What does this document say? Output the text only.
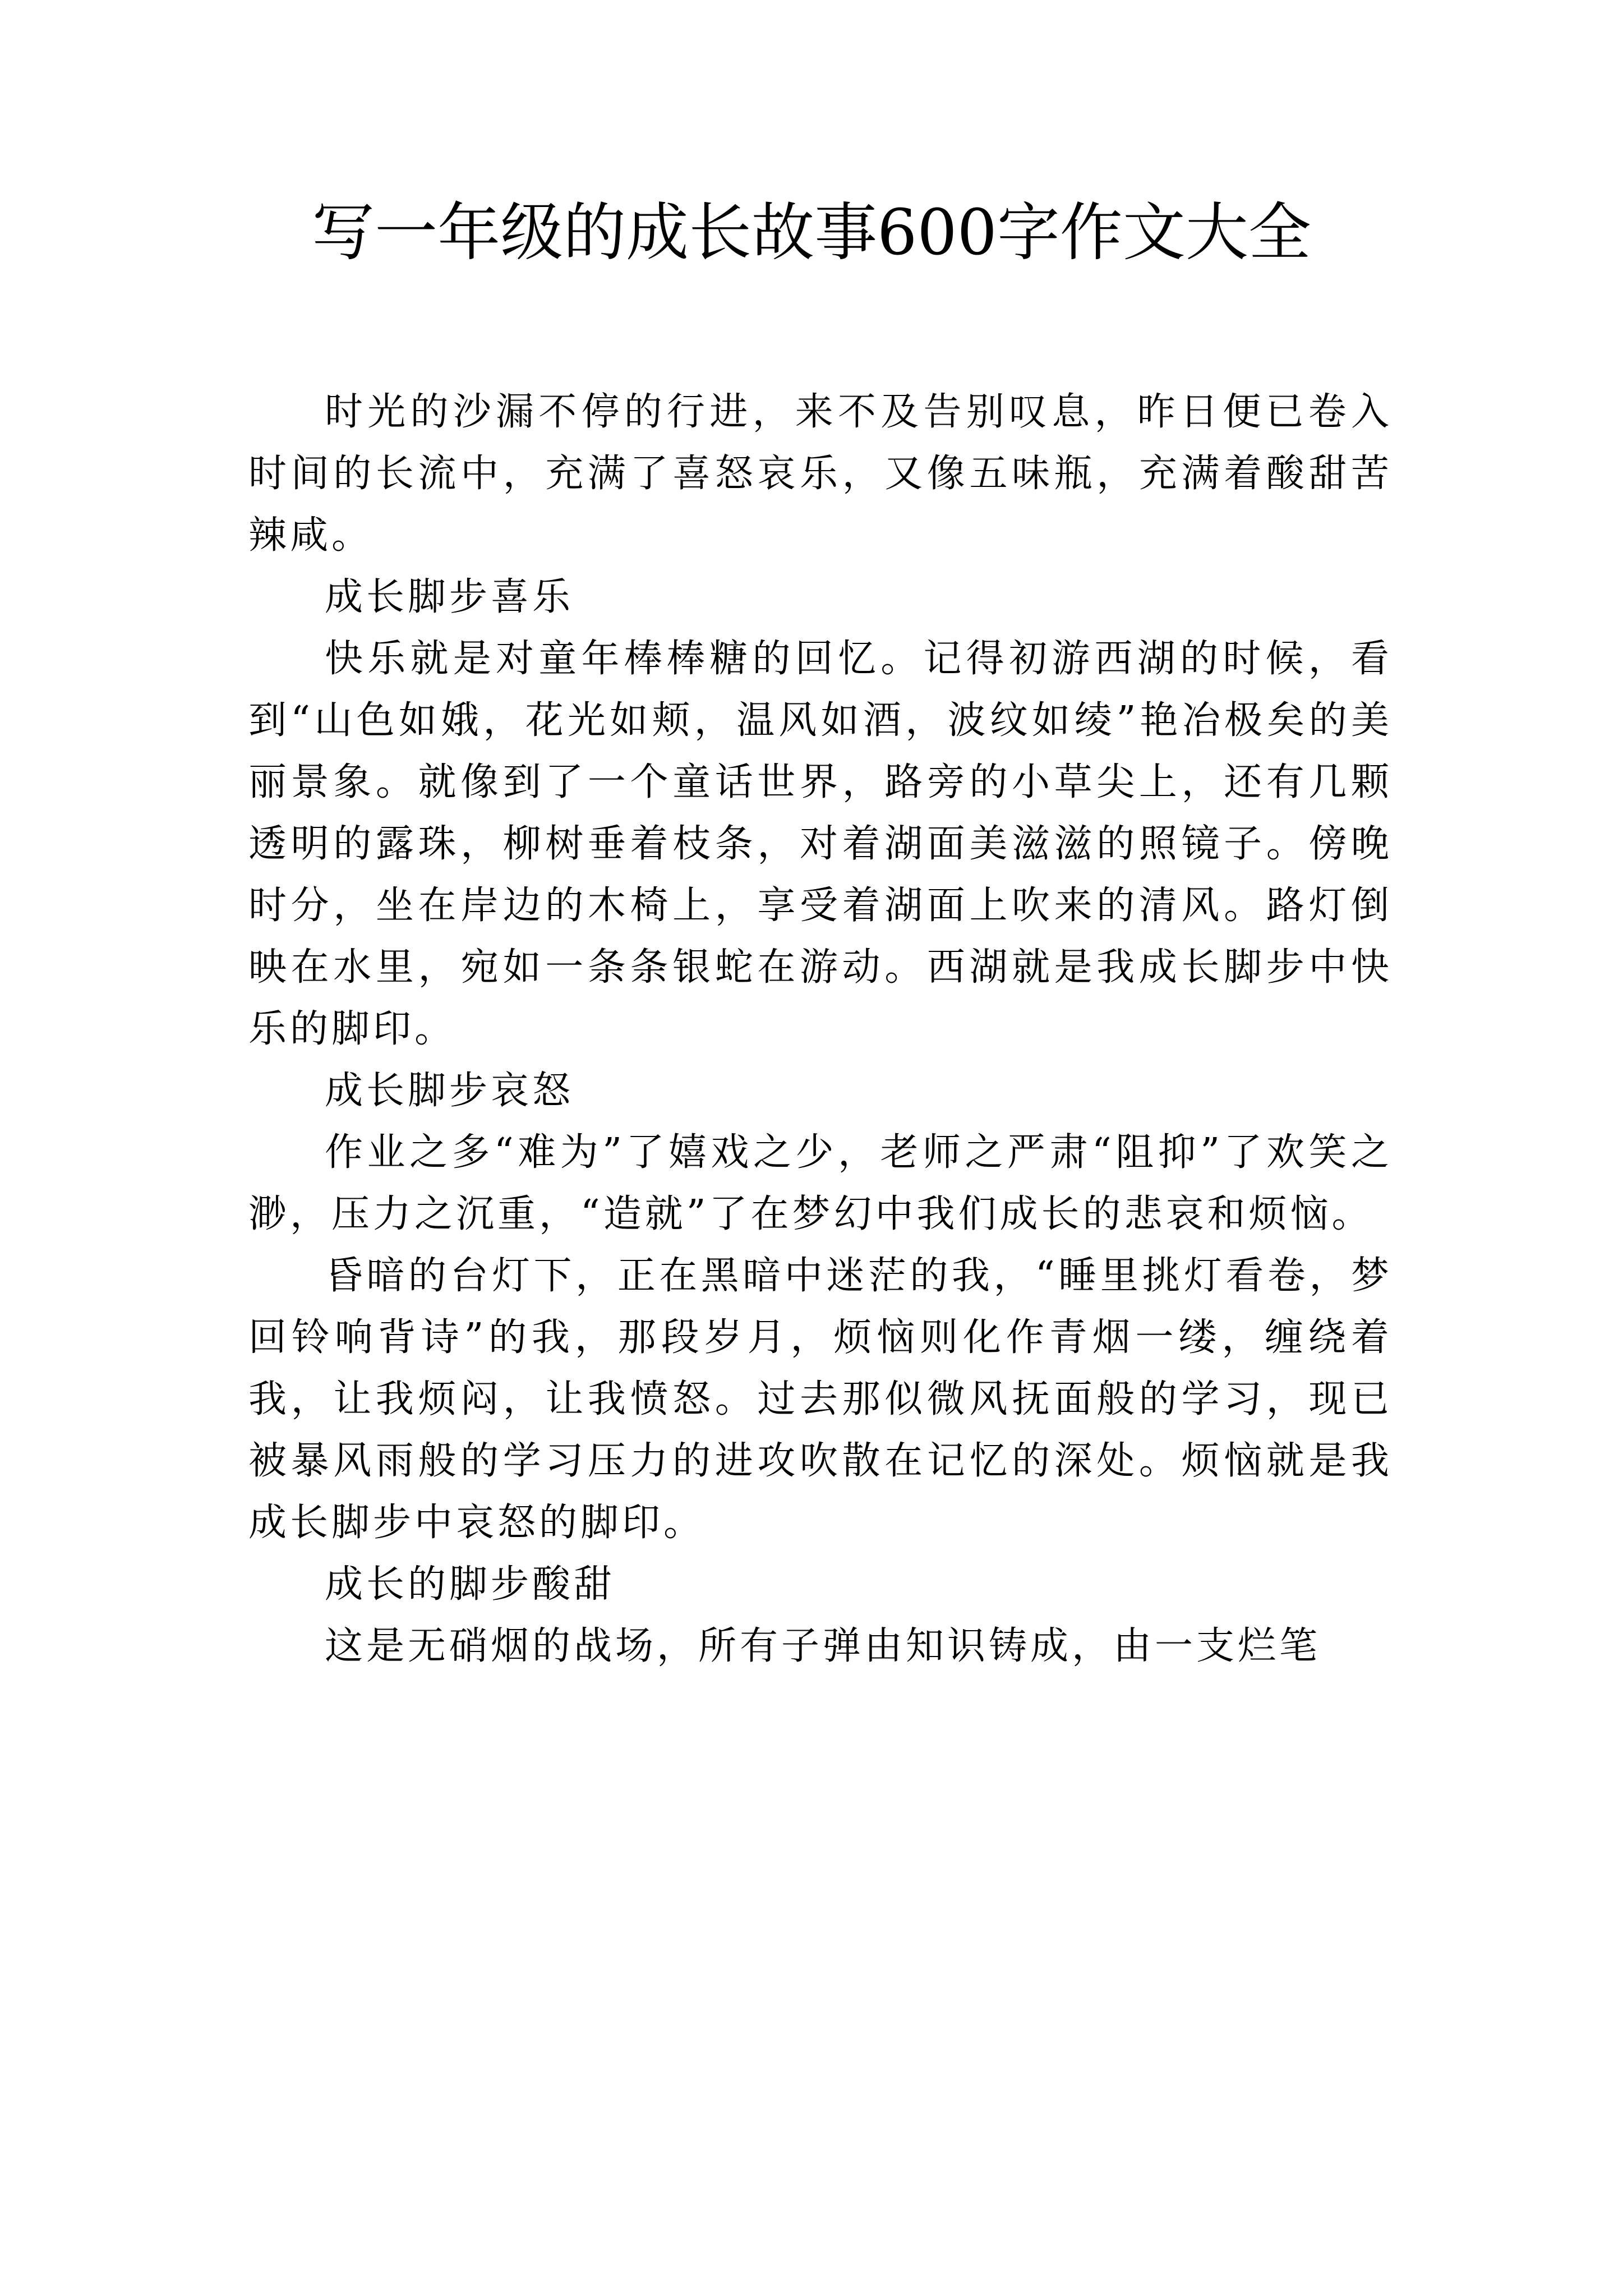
写一年级的成长故事600字作文大全

时光的沙漏不停的行进，来不及告别叹息，昨日便已卷入时间的长流中，充满了喜怒哀乐，又像五味瓶，充满着酸甜苦辣咸。

成长脚步喜乐

快乐就是对童年棒棒糖的回忆。记得初游西湖的时候，看到“山色如娥，花光如颊，温风如酒，波纹如绫”艳冶极矣的美丽景象。就像到了一个童话世界，路旁的小草尖上，还有几颗透明的露珠，柳树垂着枝条，对着湖面美滋滋的照镜子。傍晚时分，坐在岸边的木椅上，享受着湖面上吹来的清风。路灯倒映在水里，宛如一条条银蛇在游动。西湖就是我成长脚步中快乐的脚印。

成长脚步哀怒

作业之多“难为”了嬉戏之少，老师之严肃“阻抑”了欢笑之渺，压力之沉重，“造就”了在梦幻中我们成长的悲哀和烦恼。

昏暗的台灯下，正在黑暗中迷茫的我，“睡里挑灯看卷，梦回铃响背诗”的我，那段岁月，烦恼则化作青烟一缕，缠绕着我，让我烦闷，让我愤怒。过去那似微风抚面般的学习，现已被暴风雨般的学习压力的进攻吹散在记忆的深处。烦恼就是我成长脚步中哀怒的脚印。

成长的脚步酸甜

这是无硝烟的战场，所有子弹由知识铸成，由一支烂笔
